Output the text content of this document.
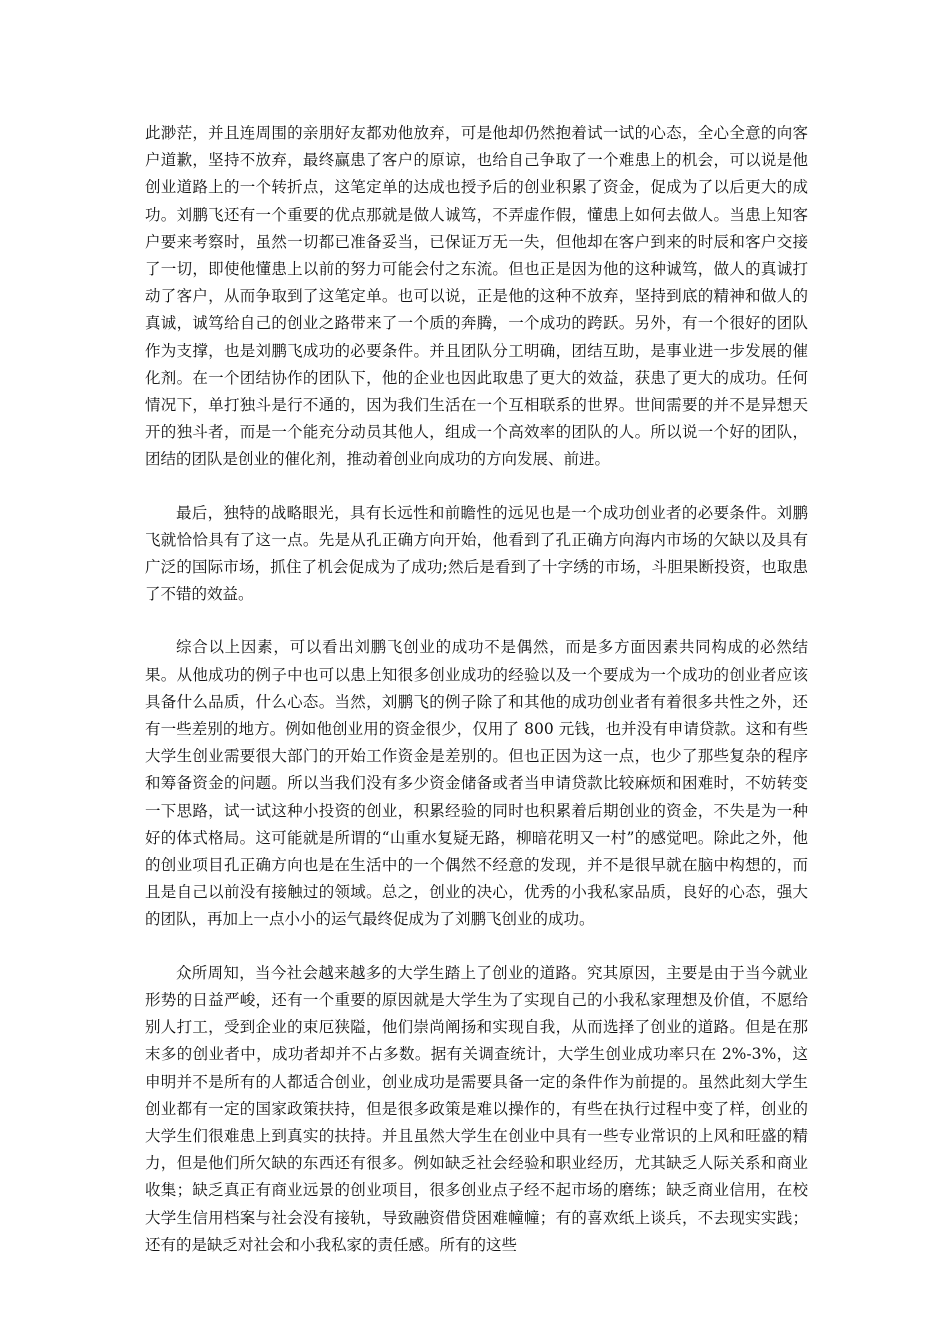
此渺茫，并且连周围的亲朋好友都劝他放弃，可是他却仍然抱着试一试的心态，全心全意的向客户道歉，坚持不放弃，最终赢患了客户的原谅，也给自己争取了一个难患上的机会，可以说是他创业道路上的一个转折点，这笔定单的达成也授予后的创业积累了资金，促成为了以后更大的成功。刘鹏飞还有一个重要的优点那就是做人诚笃，不弄虚作假，懂患上如何去做人。当患上知客户要来考察时，虽然一切都已准备妥当，已保证万无一失，但他却在客户到来的时辰和客户交接了一切，即使他懂患上以前的努力可能会付之东流。但也正是因为他的这种诚笃，做人的真诚打动了客户，从而争取到了这笔定单。也可以说，正是他的这种不放弃，坚持到底的精神和做人的真诚，诚笃给自己的创业之路带来了一个质的奔腾，一个成功的跨跃。另外，有一个很好的团队作为支撑，也是刘鹏飞成功的必要条件。并且团队分工明确，团结互助，是事业进一步发展的催化剂。在一个团结协作的团队下，他的企业也因此取患了更大的效益，获患了更大的成功。任何情况下，单打独斗是行不通的，因为我们生活在一个互相联系的世界。世间需要的并不是异想天开的独斗者，而是一个能充分动员其他人，组成一个高效率的团队的人。所以说一个好的团队，团结的团队是创业的催化剂，推动着创业向成功的方向发展、前进。

最后，独特的战略眼光，具有长远性和前瞻性的远见也是一个成功创业者的必要条件。刘鹏飞就恰恰具有了这一点。先是从孔正确方向开始，他看到了孔正确方向海内市场的欠缺以及具有广泛的国际市场，抓住了机会促成为了成功;然后是看到了十字绣的市场，斗胆果断投资，也取患了不错的效益。

综合以上因素，可以看出刘鹏飞创业的成功不是偶然，而是多方面因素共同构成的必然结果。从他成功的例子中也可以患上知很多创业成功的经验以及一个要成为一个成功的创业者应该具备什么品质，什么心态。当然，刘鹏飞的例子除了和其他的成功创业者有着很多共性之外，还有一些差别的地方。例如他创业用的资金很少，仅用了 800 元钱，也并没有申请贷款。这和有些大学生创业需要很大部门的开始工作资金是差别的。但也正因为这一点，也少了那些复杂的程序和筹备资金的问题。所以当我们没有多少资金储备或者当申请贷款比较麻烦和困难时，不妨转变一下思路，试一试这种小投资的创业，积累经验的同时也积累着后期创业的资金，不失是为一种好的体式格局。这可能就是所谓的“山重水复疑无路，柳暗花明又一村”的感觉吧。除此之外，他的创业项目孔正确方向也是在生活中的一个偶然不经意的发现，并不是很早就在脑中构想的，而且是自己以前没有接触过的领域。总之，创业的决心，优秀的小我私家品质，良好的心态，强大的团队，再加上一点小小的运气最终促成为了刘鹏飞创业的成功。

众所周知，当今社会越来越多的大学生踏上了创业的道路。究其原因，主要是由于当今就业形势的日益严峻，还有一个重要的原因就是大学生为了实现自己的小我私家理想及价值，不愿给别人打工，受到企业的束厄狭隘，他们崇尚阐扬和实现自我，从而选择了创业的道路。但是在那末多的创业者中，成功者却并不占多数。据有关调查统计，大学生创业成功率只在 2%-3%，这申明并不是所有的人都适合创业，创业成功是需要具备一定的条件作为前提的。虽然此刻大学生创业都有一定的国家政策扶持，但是很多政策是难以操作的，有些在执行过程中变了样，创业的大学生们很难患上到真实的扶持。并且虽然大学生在创业中具有一些专业常识的上风和旺盛的精力，但是他们所欠缺的东西还有很多。例如缺乏社会经验和职业经历，尤其缺乏人际关系和商业收集；缺乏真正有商业远景的创业项目，很多创业点子经不起市场的磨练；缺乏商业信用，在校大学生信用档案与社会没有接轨，导致融资借贷困难幢幢；有的喜欢纸上谈兵，不去现实实践；还有的是缺乏对社会和小我私家的责任感。所有的这些
